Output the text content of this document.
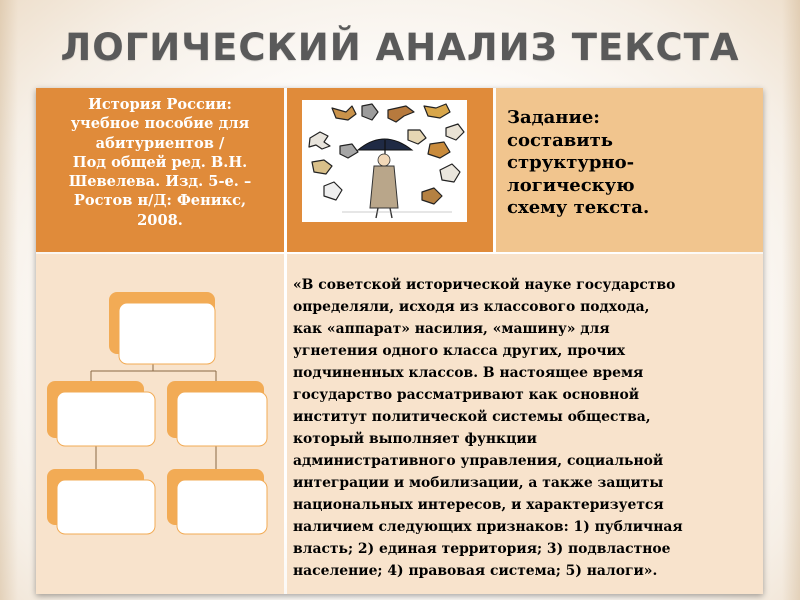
ЛОГИЧЕСКИЙ АНАЛИЗ ТЕКСТА
История России:
учебное пособие для
абитуриентов /
Под общей ред. В.Н.
Шевелева. Изд. 5-е. –
Ростов н/Д: Феникс,
2008.
Задание:
составить
структурно-
логическую
схему текста.
«В советской исторической науке государство
определяли, исходя из классового подхода,
как «аппарат» насилия, «машину» для
угнетения одного класса других, прочих
подчиненных классов. В настоящее время
государство рассматривают как основной
институт политической системы общества,
который выполняет функции
административного управления, социальной
интеграции и мобилизации, а также защиты
национальных интересов, и характеризуется
наличием следующих признаков: 1) публичная
власть; 2) единая территория; 3) подвластное
население; 4) правовая система; 5) налоги».
